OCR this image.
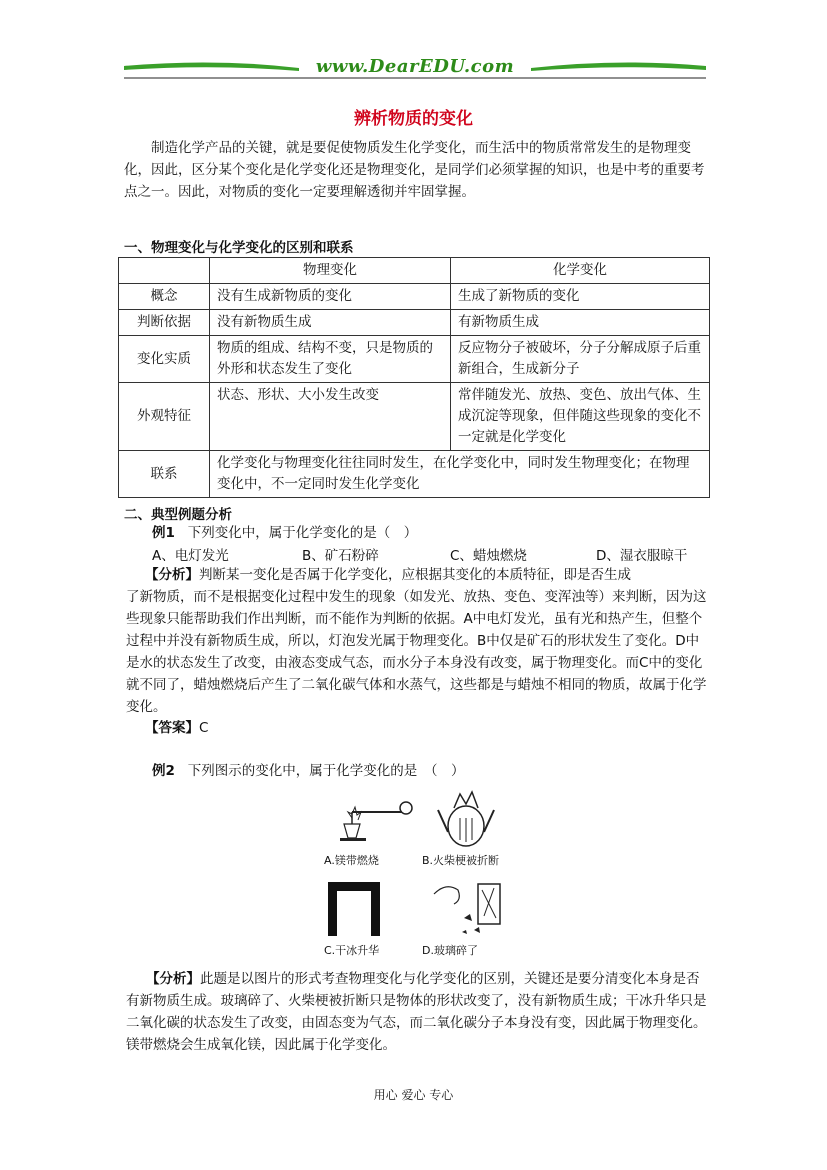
www.DearEDU.com
辨析物质的变化

制造化学产品的关键，就是要促使物质发生化学变化，而生活中的物质常常发生的是物理变化，因此，区分某个变化是化学变化还是物理变化，是同学们必须掌握的知识，也是中考的重要考点之一。因此，对物质的变化一定要理解透彻并牢固掌握。

一、物理变化与化学变化的区别和联系
	物理变化	化学变化
概念	没有生成新物质的变化	生成了新物质的变化
判断依据	没有新物质生成	有新物质生成
变化实质	物质的组成、结构不变，只是物质的外形和状态发生了变化	反应物分子被破坏，分子分解成原子后重新组合，生成新分子
外观特征	状态、形状、大小发生改变	常伴随发光、放热、变色、放出气体、生成沉淀等现象，但伴随这些现象的变化不一定就是化学变化
联系	化学变化与物理变化往往同时发生，在化学变化中，同时发生物理变化；在物理变化中，不一定同时发生化学变化	
二、典型例题分析
例1 下列变化中，属于化学变化的是（　）
A、电灯发光	B、矿石粉碎	C、蜡烛燃烧	D、湿衣服晾干
【分析】判断某一变化是否属于化学变化，应根据其变化的本质特征，即是否生成

了新物质，而不是根据变化过程中发生的现象（如发光、放热、变色、变浑浊等）来判断，因为这些现象只能帮助我们作出判断，而不能作为判断的依据。A中电灯发光，虽有光和热产生，但整个过程中并没有新物质生成，所以，灯泡发光属于物理变化。B中仅是矿石的形状发生了变化。D中是水的状态发生了改变，由液态变成气态，而水分子本身没有改变，属于物理变化。而C中的变化就不同了，蜡烛燃烧后产生了二氧化碳气体和水蒸气，这些都是与蜡烛不相同的物质，故属于化学变化。

【答案】C
例2 下列图示的变化中，属于化学变化的是　（　）
A.镁带燃烧	B.火柴梗被折断
C.干冰升华	D.玻璃碎了

【分析】此题是以图片的形式考查物理变化与化学变化的区别，关键还是要分清变化本身是否有新物质生成。玻璃碎了、火柴梗被折断只是物体的形状改变了，没有新物质生成；干冰升华只是二氧化碳的状态发生了改变，由固态变为气态，而二氧化碳分子本身没有变，因此属于物理变化。镁带燃烧会生成氧化镁，因此属于化学变化。

用心 爱心 专心
